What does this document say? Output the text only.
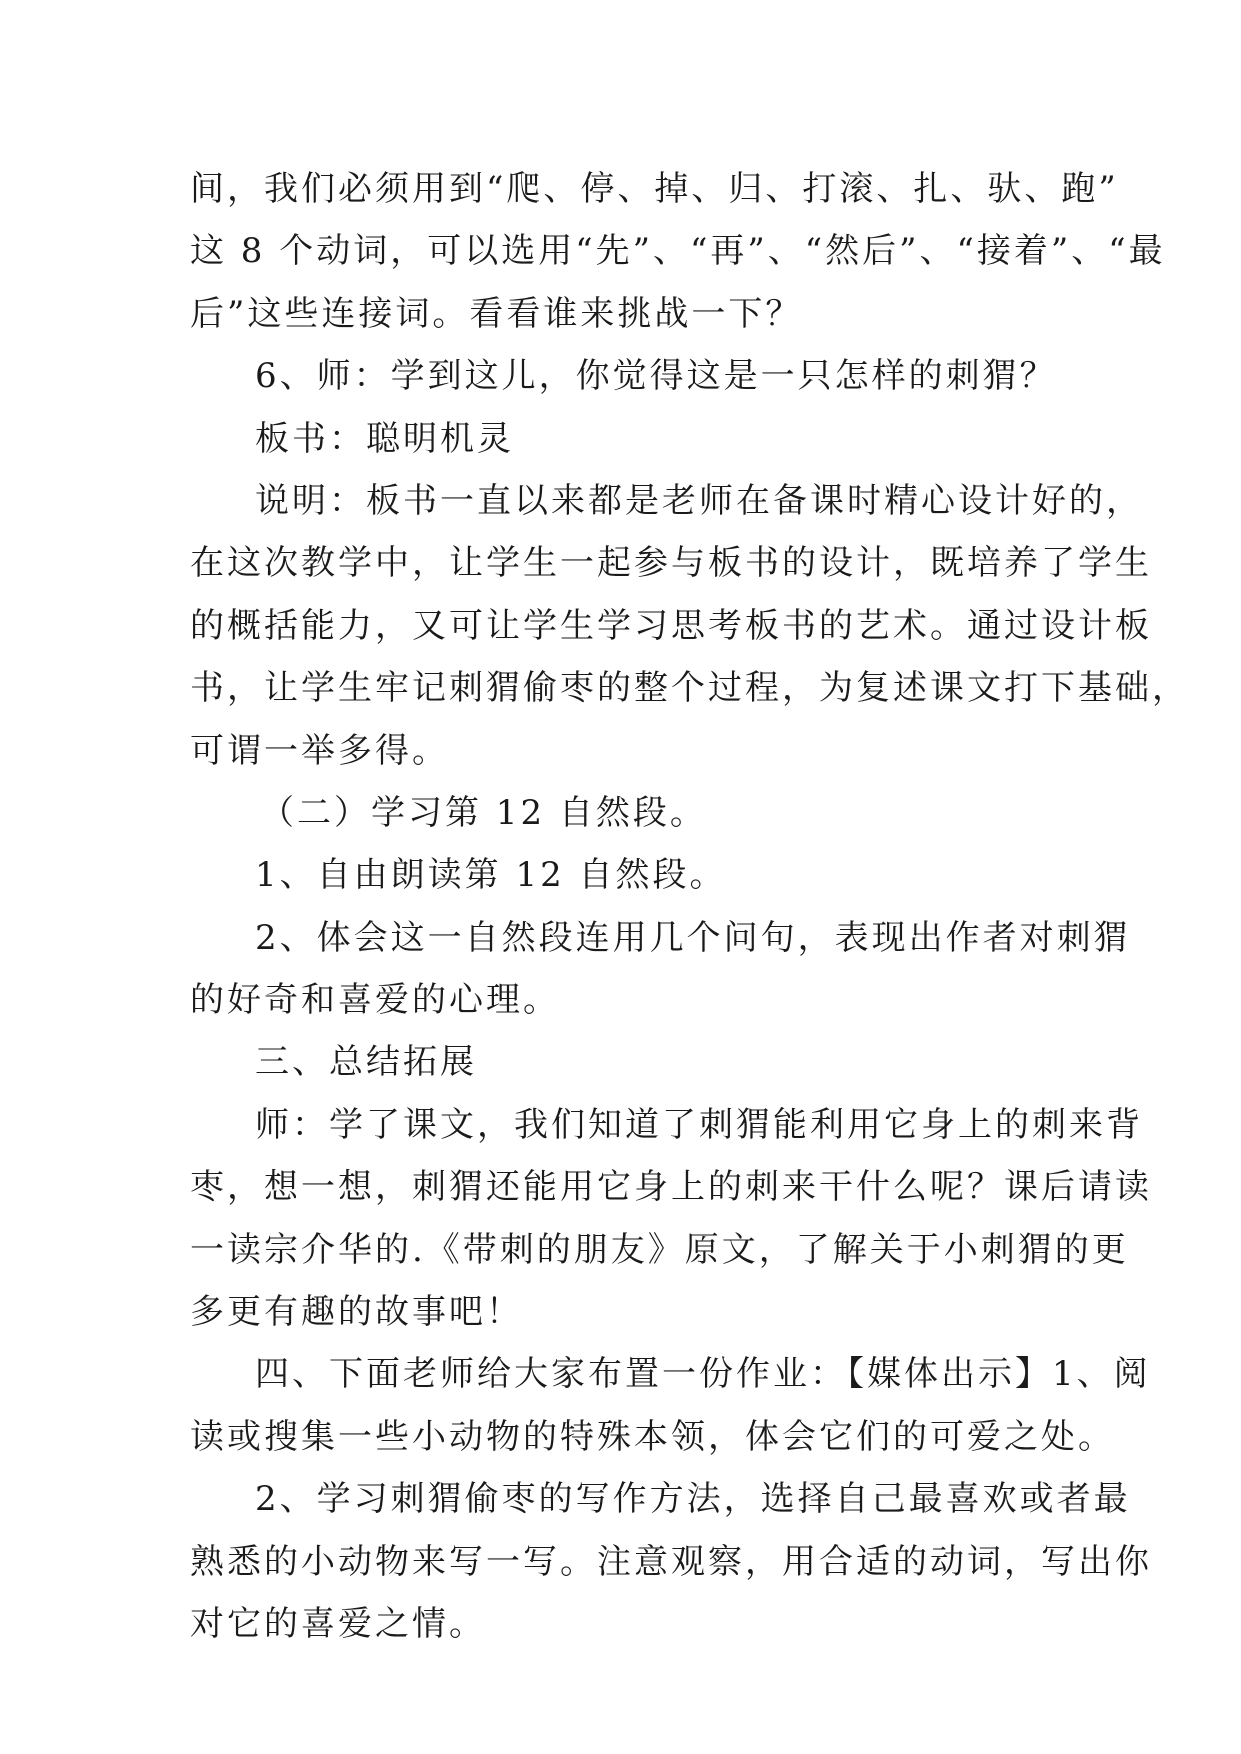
间，我们必须用到“爬、停、掉、归、打滚、扎、驮、跑”
这 8 个动词，可以选用“先”、“再”、“然后”、“接着”、“最
后”这些连接词。看看谁来挑战一下？
6、师：学到这儿，你觉得这是一只怎样的刺猬？
板书：聪明机灵
说明：板书一直以来都是老师在备课时精心设计好的，
在这次教学中，让学生一起参与板书的设计，既培养了学生
的概括能力，又可让学生学习思考板书的艺术。通过设计板
书，让学生牢记刺猬偷枣的整个过程，为复述课文打下基础，
可谓一举多得。
（二）学习第 12 自然段。
1、自由朗读第 12 自然段。
2、体会这一自然段连用几个问句，表现出作者对刺猬
的好奇和喜爱的心理。
三、总结拓展
师：学了课文，我们知道了刺猬能利用它身上的刺来背
枣，想一想，刺猬还能用它身上的刺来干什么呢？课后请读
一读宗介华的.《带刺的朋友》原文，了解关于小刺猬的更
多更有趣的故事吧！
四、下面老师给大家布置一份作业：【媒体出示】1、阅
读或搜集一些小动物的特殊本领，体会它们的可爱之处。
2、学习刺猬偷枣的写作方法，选择自己最喜欢或者最
熟悉的小动物来写一写。注意观察，用合适的动词，写出你
对它的喜爱之情。
